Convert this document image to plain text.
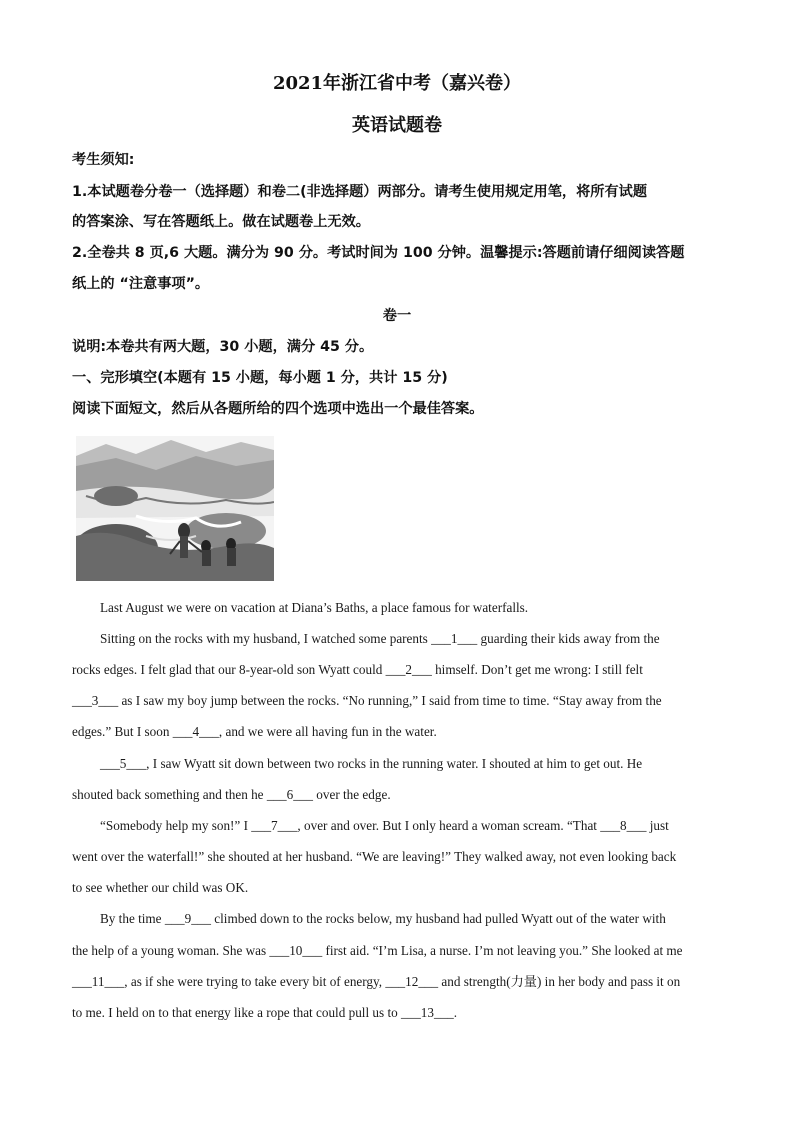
2021年浙江省中考（嘉兴卷）
英语试题卷
考生须知:
1.本试题卷分卷一（选择题）和卷二(非选择题）两部分。请考生使用规定用笔，将所有试题
的答案涂、写在答题纸上。做在试题卷上无效。
2.全卷共 8 页,6 大题。满分为 90 分。考试时间为 100 分钟。温馨提示:答题前请仔细阅读答题
纸上的 “注意事项”。
卷一
说明:本卷共有两大题，30 小题，满分 45 分。
一、完形填空(本题有 15 小题，每小题 1 分，共计 15 分)
阅读下面短文，然后从各题所给的四个选项中选出一个最佳答案。
Last August we were on vacation at Diana’s Baths, a place famous for waterfalls.
Sitting on the rocks with my husband, I watched some parents ___1___ guarding their kids away from the
rocks edges. I felt glad that our 8-year-old son Wyatt could ___2___ himself. Don’t get me wrong: I still felt
___3___ as I saw my boy jump between the rocks. “No running,” I said from time to time. “Stay away from the
edges.” But I soon ___4___, and we were all having fun in the water.
___5___, I saw Wyatt sit down between two rocks in the running water. I shouted at him to get out. He
shouted back something and then he ___6___ over the edge.
“Somebody help my son!” I ___7___, over and over. But I only heard a woman scream. “That ___8___ just
went over the waterfall!” she shouted at her husband. “We are leaving!” They walked away, not even looking back
to see whether our child was OK.
By the time ___9___ climbed down to the rocks below, my husband had pulled Wyatt out of the water with
the help of a young woman. She was ___10___ first aid. “I’m Lisa, a nurse. I’m not leaving you.” She looked at me
___11___, as if she were trying to take every bit of energy, ___12___ and strength(力量) in her body and pass it on
to me. I held on to that energy like a rope that could pull us to ___13___.
